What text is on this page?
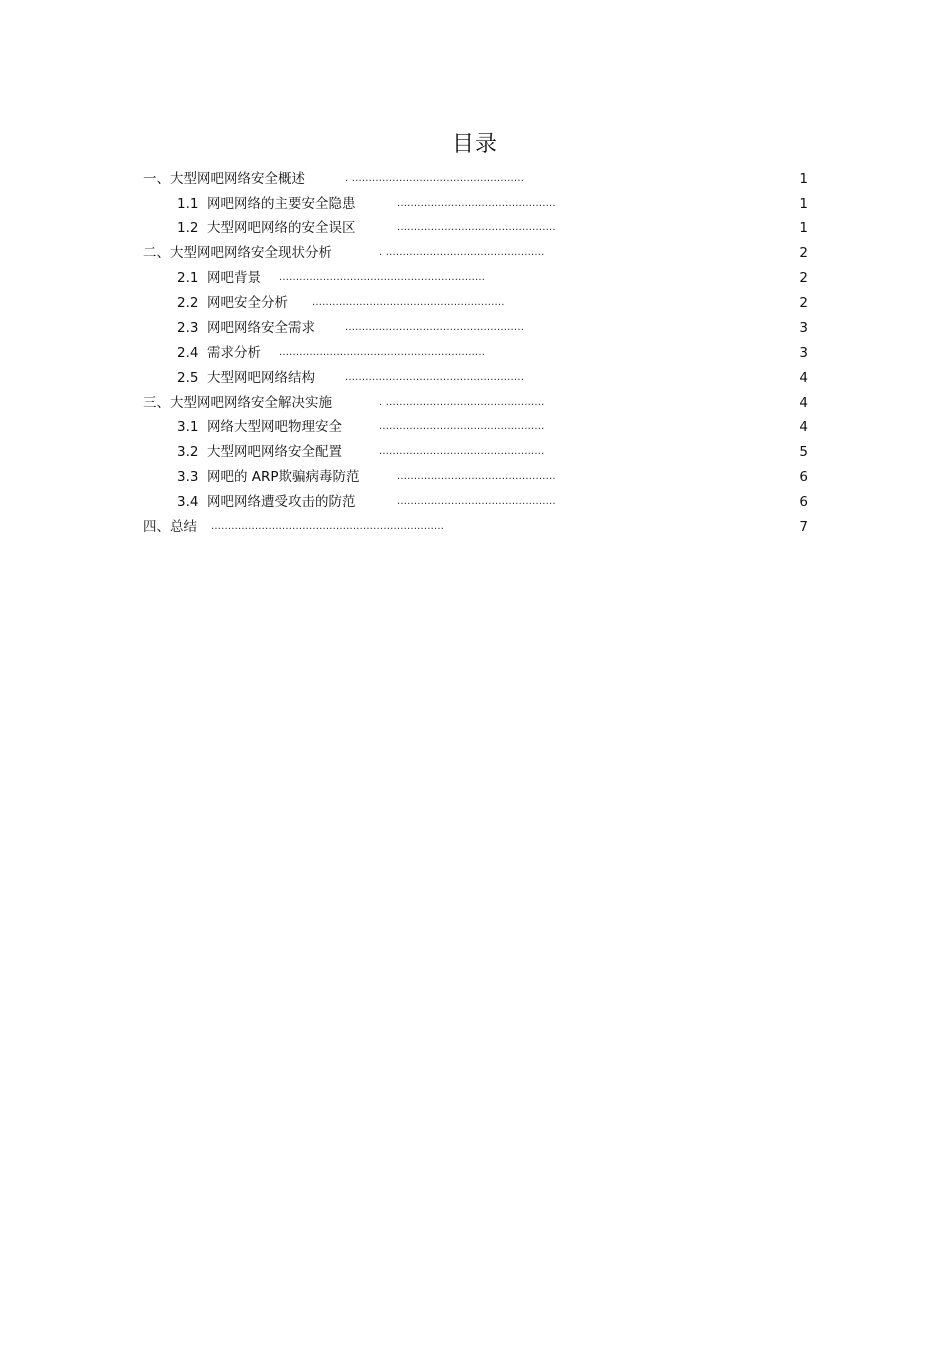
目录
一、大型网吧网络安全概述	. ...................................................	1
1.1 网吧网络的主要安全隐患	...............................................	1
1.2 大型网吧网络的安全误区	...............................................	1
二、大型网吧网络安全现状分析	. ...............................................	2
2.1 网吧背景 .............................................................	2
2.2 网吧安全分析 .........................................................	2
2.3 网吧网络安全需求	.....................................................	3
2.4 需求分析 .............................................................	3
2.5 大型网吧网络结构	.....................................................	4
三、大型网吧网络安全解决实施	. ...............................................	4
3.1 网络大型网吧物理安全	.................................................	4
3.2 大型网吧网络安全配置	.................................................	5
3.3 网吧的 ARP欺骗病毒防范	...............................................	6
3.4 网吧网络遭受攻击的防范	...............................................	6
四、总结 .....................................................................	7
